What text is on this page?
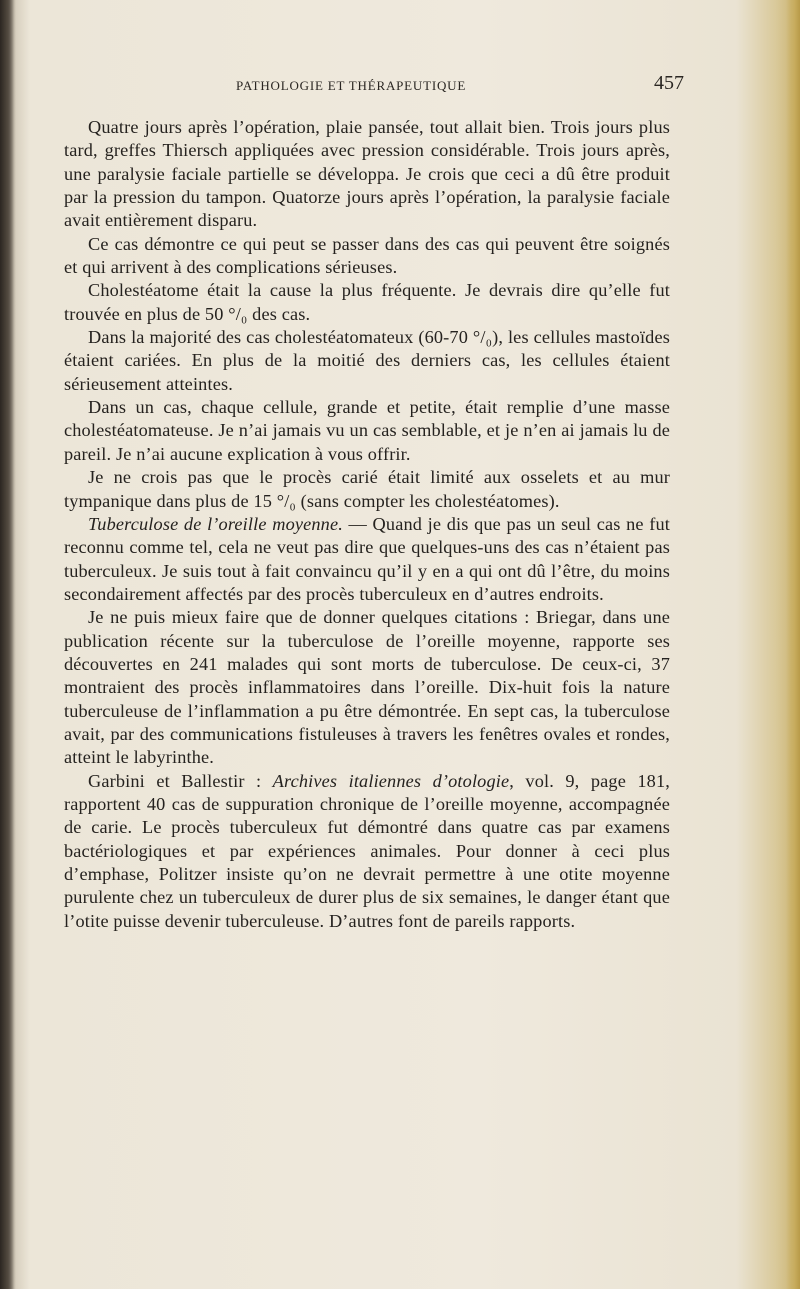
PATHOLOGIE ET THÉRAPEUTIQUE	457

Quatre jours après l’opération, plaie pansée, tout allait bien. Trois jours plus tard, greffes Thiersch appliquées avec pression considérable. Trois jours après, une paralysie faciale partielle se développa. Je crois que ceci a dû être produit par la pression du tampon. Quatorze jours après l’opération, la paralysie faciale avait entièrement disparu.

Ce cas démontre ce qui peut se passer dans des cas qui peuvent être soignés et qui arrivent à des complications sérieuses.

Cholestéatome était la cause la plus fréquente. Je devrais dire qu’elle fut trouvée en plus de 50 °/₀ des cas.

Dans la majorité des cas cholestéatomateux (60-70 °/₀), les cellules mastoïdes étaient cariées. En plus de la moitié des derniers cas, les cellules étaient sérieusement atteintes.

Dans un cas, chaque cellule, grande et petite, était remplie d’une masse cholestéatomateuse. Je n’ai jamais vu un cas semblable, et je n’en ai jamais lu de pareil. Je n’ai aucune explication à vous offrir.

Je ne crois pas que le procès carié était limité aux osselets et au mur tympanique dans plus de 15 °/₀ (sans compter les cholestéatomes).

Tuberculose de l’oreille moyenne. — Quand je dis que pas un seul cas ne fut reconnu comme tel, cela ne veut pas dire que quelques-uns des cas n’étaient pas tuberculeux. Je suis tout à fait convaincu qu’il y en a qui ont dû l’être, du moins secondairement affectés par des procès tuberculeux en d’autres endroits.

Je ne puis mieux faire que de donner quelques citations : Briegar, dans une publication récente sur la tuberculose de l’oreille moyenne, rapporte ses découvertes en 241 malades qui sont morts de tuberculose. De ceux-ci, 37 montraient des procès inflammatoires dans l’oreille. Dix-huit fois la nature tuberculeuse de l’inflammation a pu être démontrée. En sept cas, la tuberculose avait, par des communications fistuleuses à travers les fenêtres ovales et rondes, atteint le labyrinthe.

Garbini et Ballestir : Archives italiennes d’otologie, vol. 9, page 181, rapportent 40 cas de suppuration chronique de l’oreille moyenne, accompagnée de carie. Le procès tuberculeux fut démontré dans quatre cas par examens bactériologiques et par expériences animales. Pour donner à ceci plus d’emphase, Politzer insiste qu’on ne devrait permettre à une otite moyenne purulente chez un tuberculeux de durer plus de six semaines, le danger étant que l’otite puisse devenir tuberculeuse. D’autres font de pareils rapports.
